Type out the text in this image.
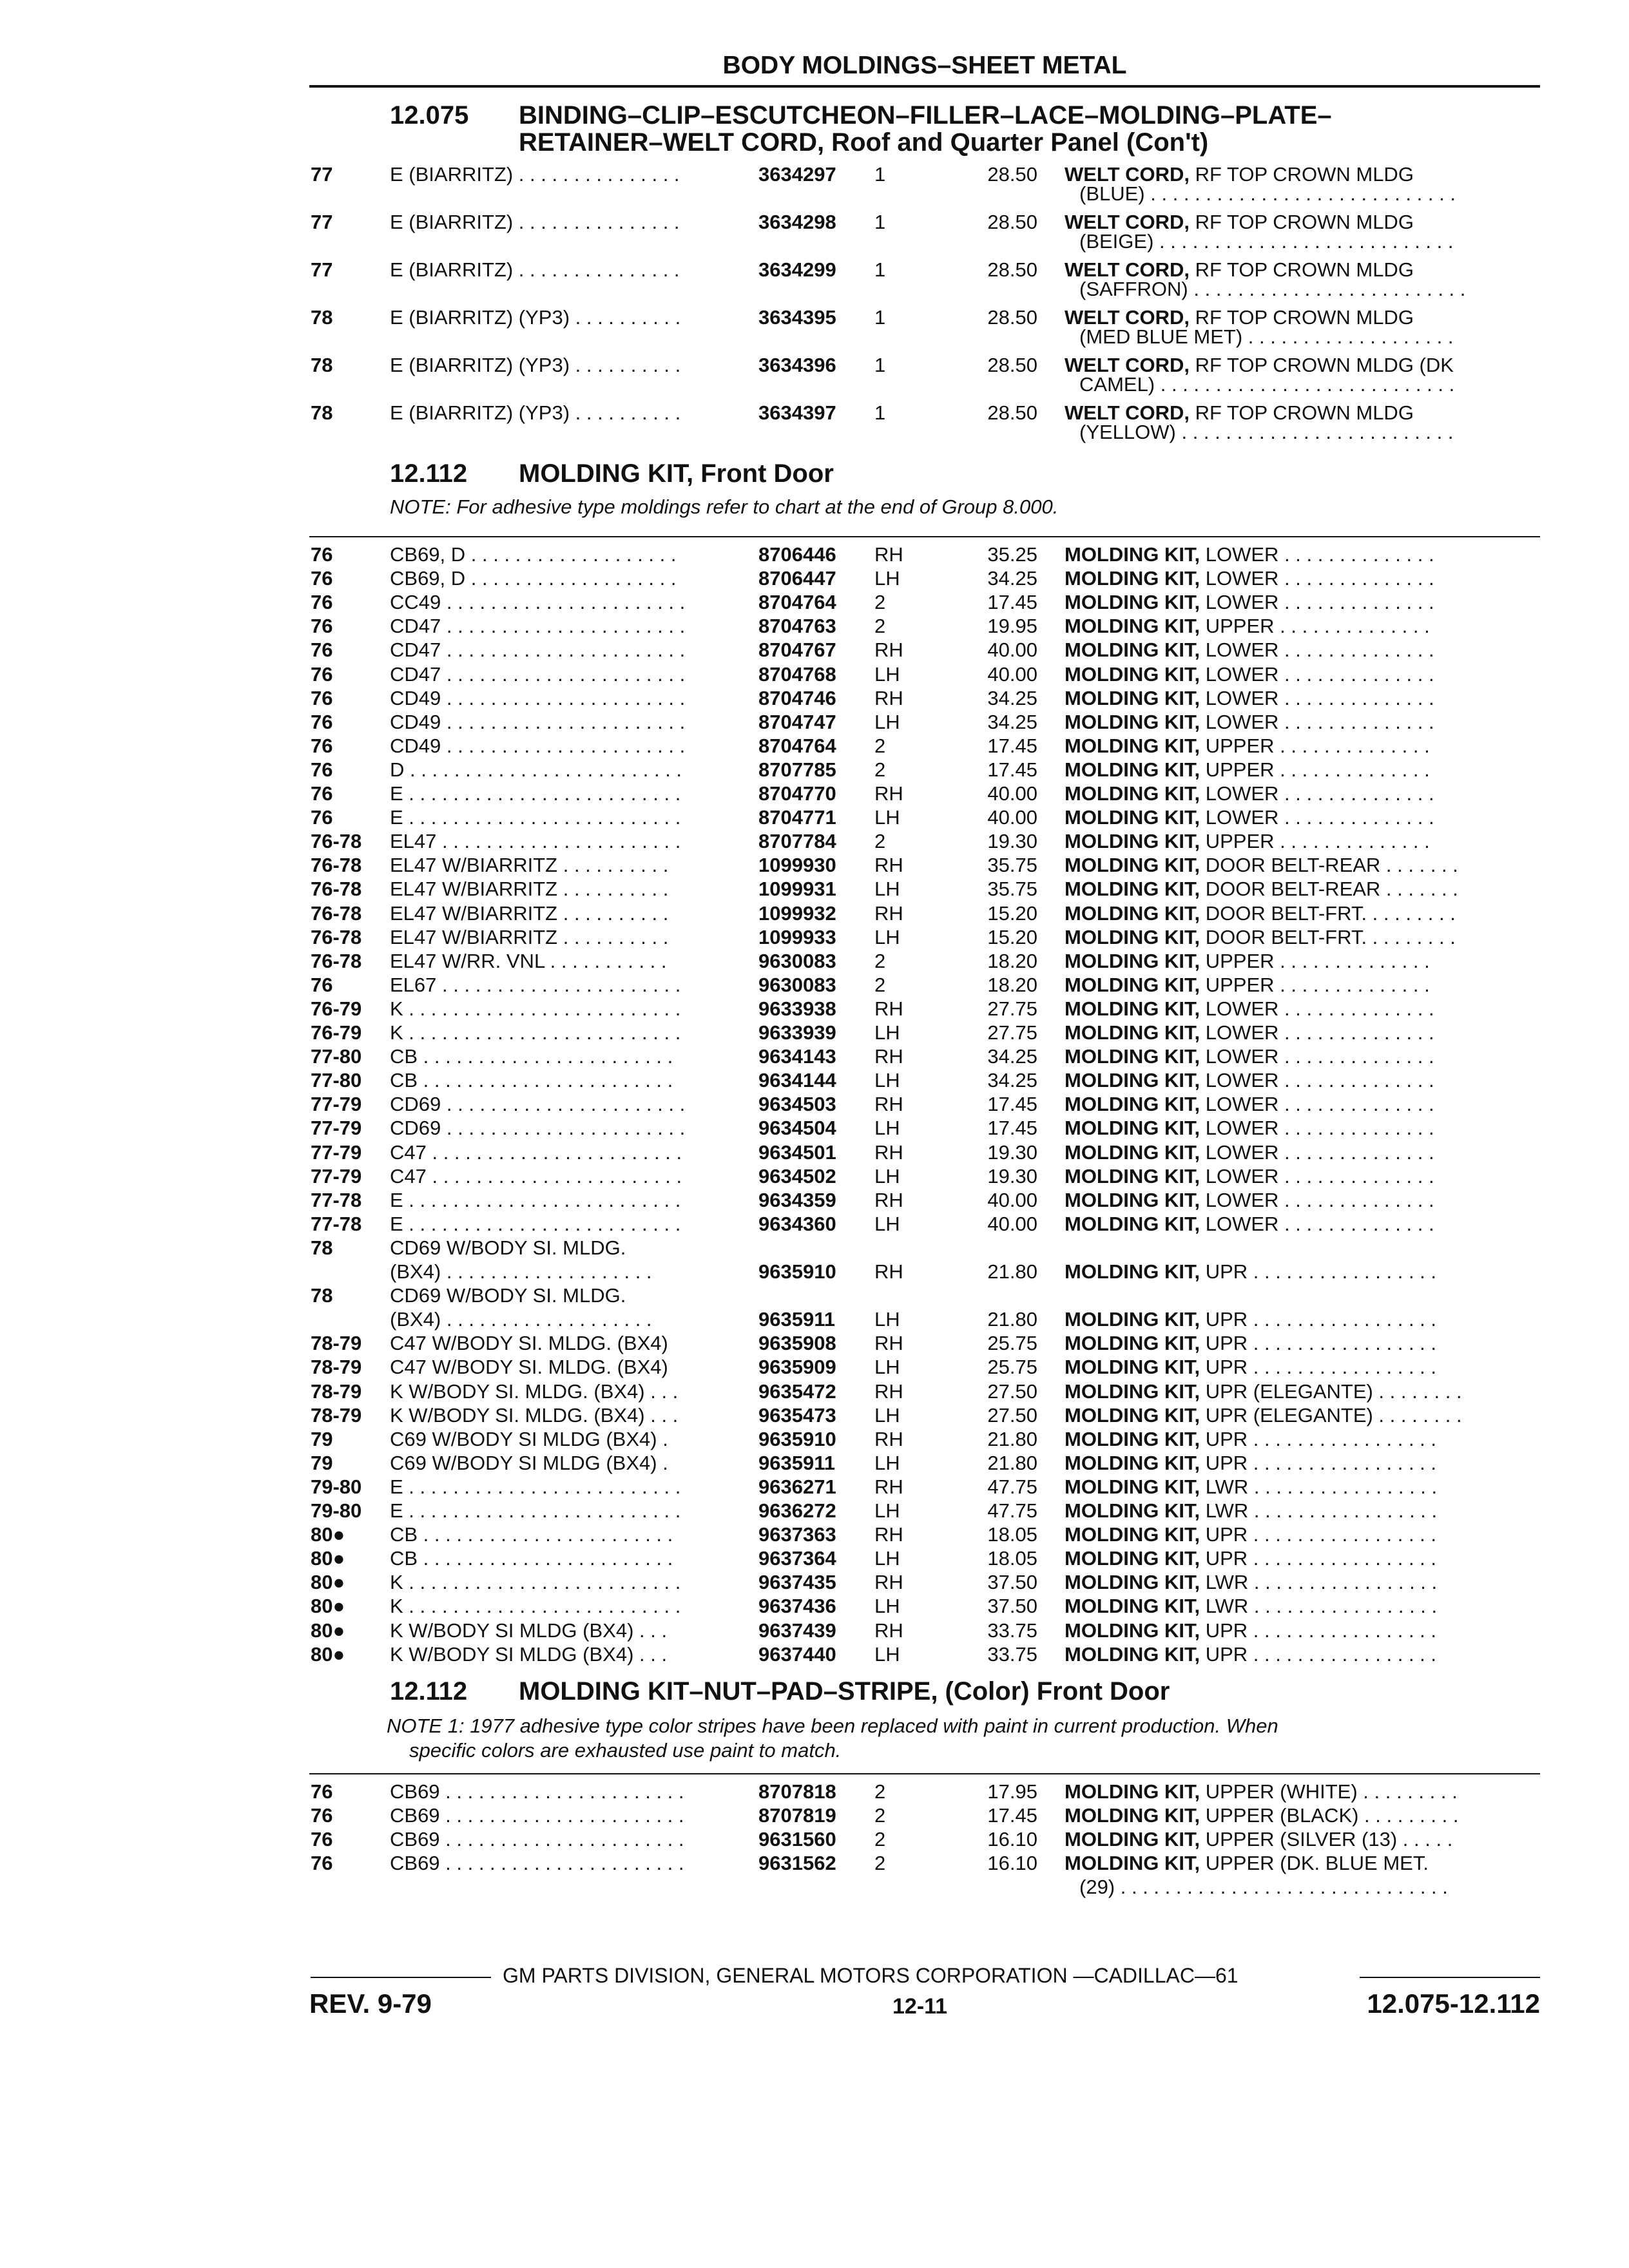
BODY MOLDINGS–SHEET METAL
12.075 BINDING–CLIP–ESCUTCHEON–FILLER–LACE–MOLDING–PLATE–
RETAINER–WELT CORD, Roof and Quarter Panel (Con't)
77	E (BIARRITZ) . . . . . . . . . . . . . . .	3634297	1	28.50 WELT CORD, RF TOP CROWN MLDG
(BLUE) . . . . . . . . . . . . . . . . . . . . . . . . . . . .
77	E (BIARRITZ) . . . . . . . . . . . . . . .	3634298	1	28.50 WELT CORD, RF TOP CROWN MLDG
(BEIGE) . . . . . . . . . . . . . . . . . . . . . . . . . . .
77	E (BIARRITZ) . . . . . . . . . . . . . . .	3634299	1	28.50 WELT CORD, RF TOP CROWN MLDG
(SAFFRON) . . . . . . . . . . . . . . . . . . . . . . . . .
78	E (BIARRITZ) (YP3) . . . . . . . . . .	3634395	1	28.50 WELT CORD, RF TOP CROWN MLDG
(MED BLUE MET) . . . . . . . . . . . . . . . . . . .
78	E (BIARRITZ) (YP3) . . . . . . . . . .	3634396	1	28.50 WELT CORD, RF TOP CROWN MLDG (DK
CAMEL) . . . . . . . . . . . . . . . . . . . . . . . . . . .
78	E (BIARRITZ) (YP3) . . . . . . . . . .	3634397	1	28.50 WELT CORD, RF TOP CROWN MLDG
(YELLOW) . . . . . . . . . . . . . . . . . . . . . . . . .
12.112 MOLDING KIT, Front Door
NOTE: For adhesive type moldings refer to chart at the end of Group 8.000.
76	CB69, D . . . . . . . . . . . . . . . . . . .	8706446	RH	35.25 MOLDING KIT, LOWER . . . . . . . . . . . . . .
76	CB69, D . . . . . . . . . . . . . . . . . . .	8706447	LH	34.25 MOLDING KIT, LOWER . . . . . . . . . . . . . .
76	CC49 . . . . . . . . . . . . . . . . . . . . . .	8704764	2	17.45 MOLDING KIT, LOWER . . . . . . . . . . . . . .
76	CD47 . . . . . . . . . . . . . . . . . . . . . .	8704763	2	19.95 MOLDING KIT, UPPER . . . . . . . . . . . . . .
76	CD47 . . . . . . . . . . . . . . . . . . . . . .	8704767	RH	40.00 MOLDING KIT, LOWER . . . . . . . . . . . . . .
76	CD47 . . . . . . . . . . . . . . . . . . . . . .	8704768	LH	40.00 MOLDING KIT, LOWER . . . . . . . . . . . . . .
76	CD49 . . . . . . . . . . . . . . . . . . . . . .	8704746	RH	34.25 MOLDING KIT, LOWER . . . . . . . . . . . . . .
76	CD49 . . . . . . . . . . . . . . . . . . . . . .	8704747	LH	34.25 MOLDING KIT, LOWER . . . . . . . . . . . . . .
76	CD49 . . . . . . . . . . . . . . . . . . . . . .	8704764	2	17.45 MOLDING KIT, UPPER . . . . . . . . . . . . . .
76	D . . . . . . . . . . . . . . . . . . . . . . . . .	8707785	2	17.45 MOLDING KIT, UPPER . . . . . . . . . . . . . .
76	E . . . . . . . . . . . . . . . . . . . . . . . . .	8704770	RH	40.00 MOLDING KIT, LOWER . . . . . . . . . . . . . .
76	E . . . . . . . . . . . . . . . . . . . . . . . . .	8704771	LH	40.00 MOLDING KIT, LOWER . . . . . . . . . . . . . .
76-78	EL47 . . . . . . . . . . . . . . . . . . . . . .	8707784	2	19.30 MOLDING KIT, UPPER . . . . . . . . . . . . . .
76-78	EL47 W/BIARRITZ . . . . . . . . . .	1099930	RH	35.75 MOLDING KIT, DOOR BELT-REAR . . . . . . .
76-78	EL47 W/BIARRITZ . . . . . . . . . .	1099931	LH	35.75 MOLDING KIT, DOOR BELT-REAR . . . . . . .
76-78	EL47 W/BIARRITZ . . . . . . . . . .	1099932	RH	15.20 MOLDING KIT, DOOR BELT-FRT. . . . . . . . .
76-78	EL47 W/BIARRITZ . . . . . . . . . .	1099933	LH	15.20 MOLDING KIT, DOOR BELT-FRT. . . . . . . . .
76-78	EL47 W/RR. VNL . . . . . . . . . . .	9630083	2	18.20 MOLDING KIT, UPPER . . . . . . . . . . . . . .
76	EL67 . . . . . . . . . . . . . . . . . . . . . .	9630083	2	18.20 MOLDING KIT, UPPER . . . . . . . . . . . . . .
76-79	K . . . . . . . . . . . . . . . . . . . . . . . . .	9633938	RH	27.75 MOLDING KIT, LOWER . . . . . . . . . . . . . .
76-79	K . . . . . . . . . . . . . . . . . . . . . . . . .	9633939	LH	27.75 MOLDING KIT, LOWER . . . . . . . . . . . . . .
77-80	CB . . . . . . . . . . . . . . . . . . . . . . .	9634143	RH	34.25 MOLDING KIT, LOWER . . . . . . . . . . . . . .
77-80	CB . . . . . . . . . . . . . . . . . . . . . . .	9634144	LH	34.25 MOLDING KIT, LOWER . . . . . . . . . . . . . .
77-79	CD69 . . . . . . . . . . . . . . . . . . . . . .	9634503	RH	17.45 MOLDING KIT, LOWER . . . . . . . . . . . . . .
77-79	CD69 . . . . . . . . . . . . . . . . . . . . . .	9634504	LH	17.45 MOLDING KIT, LOWER . . . . . . . . . . . . . .
77-79	C47 . . . . . . . . . . . . . . . . . . . . . . .	9634501	RH	19.30 MOLDING KIT, LOWER . . . . . . . . . . . . . .
77-79	C47 . . . . . . . . . . . . . . . . . . . . . . .	9634502	LH	19.30 MOLDING KIT, LOWER . . . . . . . . . . . . . .
77-78	E . . . . . . . . . . . . . . . . . . . . . . . . .	9634359	RH	40.00 MOLDING KIT, LOWER . . . . . . . . . . . . . .
77-78	E . . . . . . . . . . . . . . . . . . . . . . . . .	9634360	LH	40.00 MOLDING KIT, LOWER . . . . . . . . . . . . . .
78	CD69 W/BODY SI. MLDG.
(BX4) . . . . . . . . . . . . . . . . . . .	9635910	RH	21.80 MOLDING KIT, UPR . . . . . . . . . . . . . . . . .
78	CD69 W/BODY SI. MLDG.
(BX4) . . . . . . . . . . . . . . . . . . .	9635911	LH	21.80 MOLDING KIT, UPR . . . . . . . . . . . . . . . . .
78-79	C47 W/BODY SI. MLDG. (BX4)	9635908	RH	25.75 MOLDING KIT, UPR . . . . . . . . . . . . . . . . .
78-79	C47 W/BODY SI. MLDG. (BX4)	9635909	LH	25.75 MOLDING KIT, UPR . . . . . . . . . . . . . . . . .
78-79	K W/BODY SI. MLDG. (BX4) . . .	9635472	RH	27.50 MOLDING KIT, UPR (ELEGANTE) . . . . . . . .
78-79	K W/BODY SI. MLDG. (BX4) . . .	9635473	LH	27.50 MOLDING KIT, UPR (ELEGANTE) . . . . . . . .
79	C69 W/BODY SI MLDG (BX4) .	9635910	RH	21.80 MOLDING KIT, UPR . . . . . . . . . . . . . . . . .
79	C69 W/BODY SI MLDG (BX4) .	9635911	LH	21.80 MOLDING KIT, UPR . . . . . . . . . . . . . . . . .
79-80	E . . . . . . . . . . . . . . . . . . . . . . . . .	9636271	RH	47.75 MOLDING KIT, LWR . . . . . . . . . . . . . . . . .
79-80	E . . . . . . . . . . . . . . . . . . . . . . . . .	9636272	LH	47.75 MOLDING KIT, LWR . . . . . . . . . . . . . . . . .
80●	CB . . . . . . . . . . . . . . . . . . . . . . .	9637363	RH	18.05 MOLDING KIT, UPR . . . . . . . . . . . . . . . . .
80●	CB . . . . . . . . . . . . . . . . . . . . . . .	9637364	LH	18.05 MOLDING KIT, UPR . . . . . . . . . . . . . . . . .
80●	K . . . . . . . . . . . . . . . . . . . . . . . . .	9637435	RH	37.50 MOLDING KIT, LWR . . . . . . . . . . . . . . . . .
80●	K . . . . . . . . . . . . . . . . . . . . . . . . .	9637436	LH	37.50 MOLDING KIT, LWR . . . . . . . . . . . . . . . . .
80●	K W/BODY SI MLDG (BX4) . . .	9637439	RH	33.75 MOLDING KIT, UPR . . . . . . . . . . . . . . . . .
80●	K W/BODY SI MLDG (BX4) . . .	9637440	LH	33.75 MOLDING KIT, UPR . . . . . . . . . . . . . . . . .
12.112 MOLDING KIT–NUT–PAD–STRIPE, (Color) Front Door
NOTE 1: 1977 adhesive type color stripes have been replaced with paint in current production. When
specific colors are exhausted use paint to match.
76	CB69 . . . . . . . . . . . . . . . . . . . . . .	8707818	2	17.95 MOLDING KIT, UPPER (WHITE) . . . . . . . . .
76	CB69 . . . . . . . . . . . . . . . . . . . . . .	8707819	2	17.45 MOLDING KIT, UPPER (BLACK) . . . . . . . . .
76	CB69 . . . . . . . . . . . . . . . . . . . . . .	9631560	2	16.10 MOLDING KIT, UPPER (SILVER (13) . . . . .
76	CB69 . . . . . . . . . . . . . . . . . . . . . .	9631562	2	16.10 MOLDING KIT, UPPER (DK. BLUE MET.
(29) . . . . . . . . . . . . . . . . . . . . . . . . . . . . . .
GM PARTS DIVISION, GENERAL MOTORS CORPORATION —CADILLAC—61
REV. 9-79	12-11	12.075-12.112
